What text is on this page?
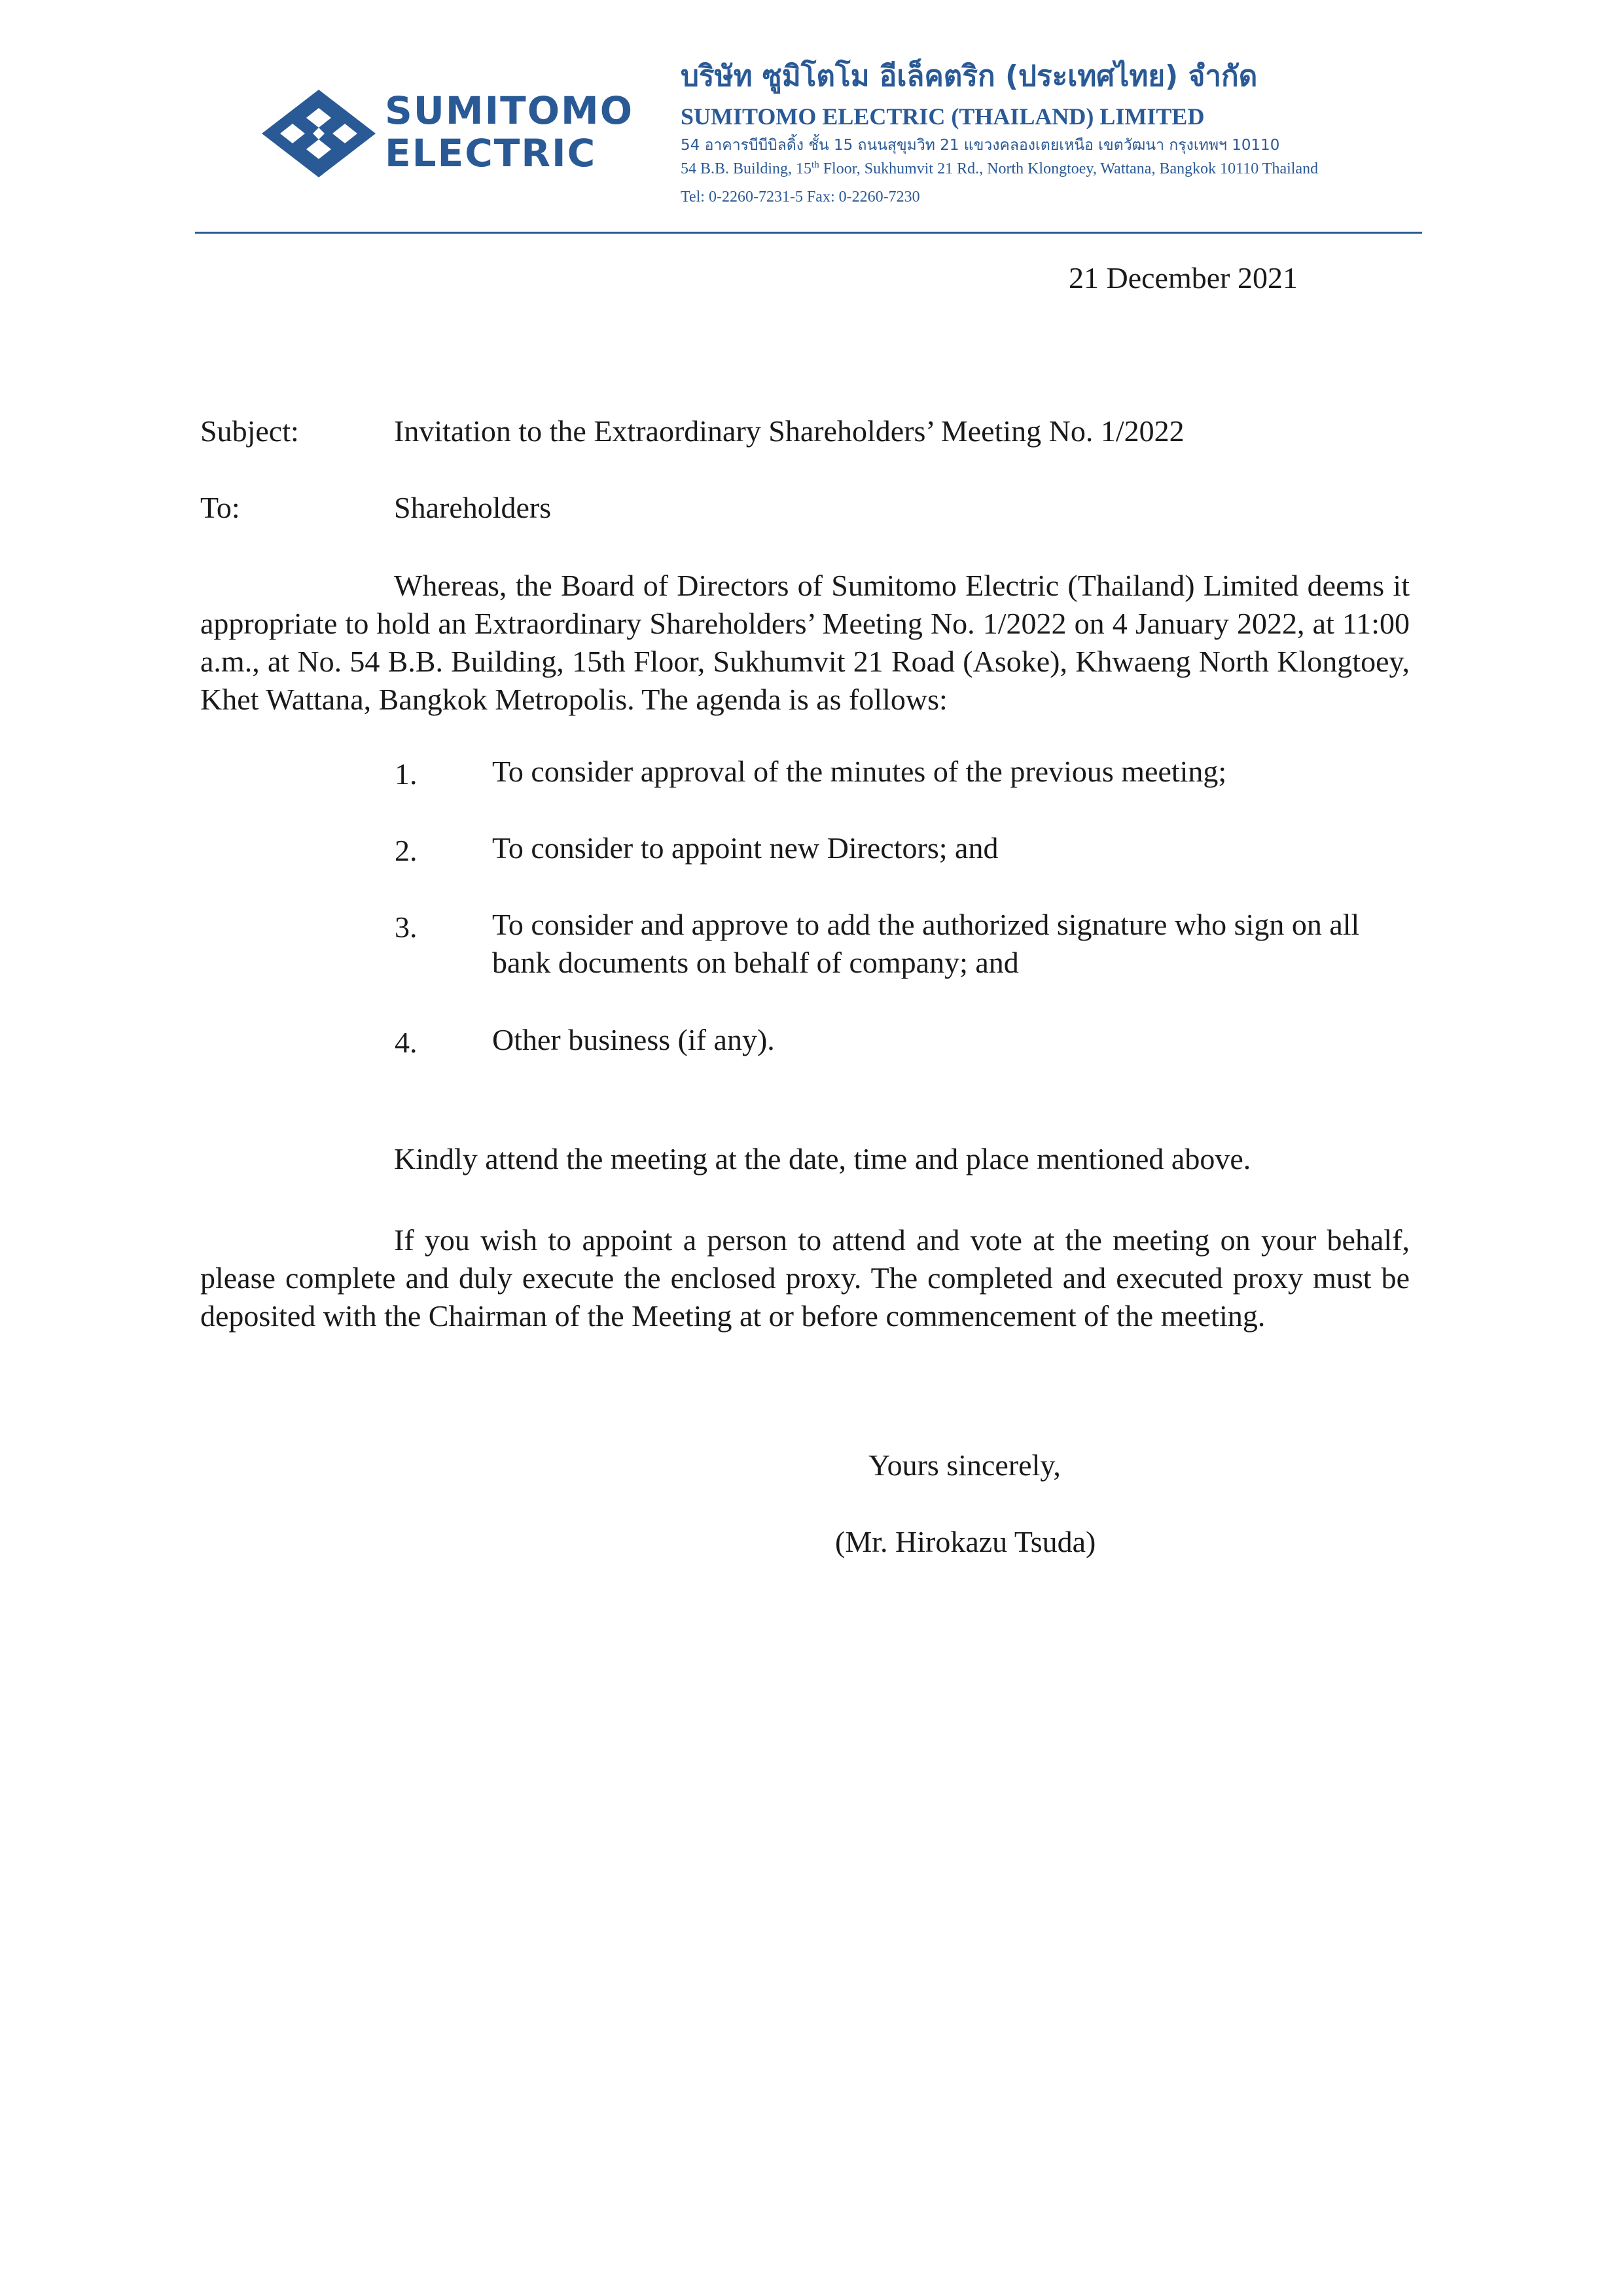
SUMITOMO
ELECTRIC
บริษัท ซูมิโตโม อีเล็คตริก (ประเทศไทย) จำกัด
SUMITOMO ELECTRIC (THAILAND) LIMITED
54 อาคารบีบีบิลดิ้ง ชั้น 15 ถนนสุขุมวิท 21 แขวงคลองเตยเหนือ เขตวัฒนา กรุงเทพฯ 10110
54 B.B. Building, 15th Floor, Sukhumvit 21 Rd., North Klongtoey, Wattana, Bangkok 10110 Thailand
Tel: 0-2260-7231-5 Fax: 0-2260-7230
21 December 2021
Subject:	Invitation to the Extraordinary Shareholders’ Meeting No. 1/2022
To:	Shareholders
Whereas, the Board of Directors of Sumitomo Electric (Thailand) Limited deems it appropriate to hold an Extraordinary Shareholders’ Meeting No. 1/2022 on 4 January 2022, at 11:00 a.m., at No. 54 B.B. Building, 15th Floor, Sukhumvit 21 Road (Asoke), Khwaeng North Klongtoey, Khet Wattana, Bangkok Metropolis. The agenda is as follows:
1. To consider approval of the minutes of the previous meeting;
2. To consider to appoint new Directors; and
3. To consider and approve to add the authorized signature who sign on all bank documents on behalf of company; and
4. Other business (if any).
Kindly attend the meeting at the date, time and place mentioned above.
If you wish to appoint a person to attend and vote at the meeting on your behalf, please complete and duly execute the enclosed proxy. The completed and executed proxy must be deposited with the Chairman of the Meeting at or before commencement of the meeting.
Yours sincerely,
(Mr. Hirokazu Tsuda)
